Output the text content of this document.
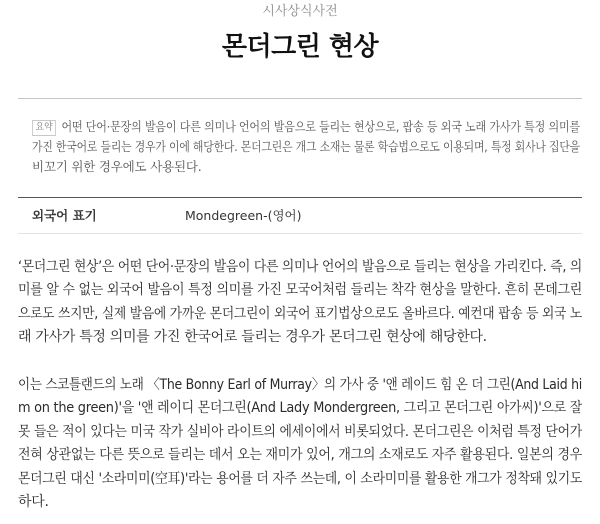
시사상식사전
몬더그린 현상
요약 어떤 단어·문장의 발음이 다른 의미나 언어의 발음으로 들리는 현상으로, 팝송 등 외국 노래 가사가 특정 의미를
가진 한국어로 들리는 경우가 이에 해당한다. 몬더그린은 개그 소재는 물론 학습법으로도 이용되며, 특정 회사나 집단을
비꼬기 위한 경우에도 사용된다.
외국어 표기	Mondegreen-(영어)
‘몬더그린 현상’은 어떤 단어·문장의 발음이 다른 의미나 언어의 발음으로 들리는 현상을 가리킨다. 즉, 의
미를 알 수 없는 외국어 발음이 특정 의미를 가진 모국어처럼 들리는 착각 현상을 말한다. 흔히 몬데그린
으로도 쓰지만, 실제 발음에 가까운 몬더그린이 외국어 표기법상으로도 올바르다. 예컨대 팝송 등 외국 노
래 가사가 특정 의미를 가진 한국어로 들리는 경우가 몬더그린 현상에 해당한다.
이는 스코틀랜드의 노래 〈The Bonny Earl of Murray〉의 가사 중 '앤 레이드 힘 온 더 그린(And Laid hi
m on the green)'을 '앤 레이디 몬더그린(And Lady Mondergreen, 그리고 몬더그린 아가씨)'으로 잘
못 들은 적이 있다는 미국 작가 실비아 라이트의 에세이에서 비롯되었다. 몬더그린은 이처럼 특정 단어가
전혀 상관없는 다른 뜻으로 들리는 데서 오는 재미가 있어, 개그의 소재로도 자주 활용된다. 일본의 경우
몬더그린 대신 '소라미미(空耳)'라는 용어를 더 자주 쓰는데, 이 소라미미를 활용한 개그가 정착돼 있기도
하다.
